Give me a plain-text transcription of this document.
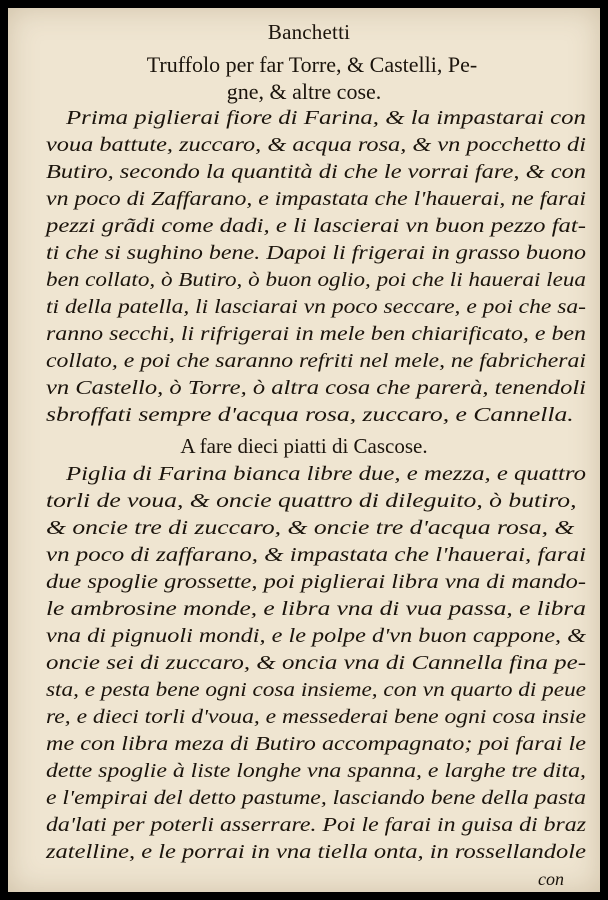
Banchetti
Truffolo per far Torre, & Castelli, Pe-
gne, & altre cose.
Prima piglierai fiore di Farina, & la impastarai con
voua battute, zuccaro, & acqua rosa, & vn pocchetto di
Butiro, secondo la quantità di che le vorrai fare, & con
vn poco di Zaffarano, e impastata che l'hauerai, ne farai
pezzi grãdi come dadi, e li lascierai vn buon pezzo fat-
ti che si sughino bene. Dapoi li frigerai in grasso buono
ben collato, ò Butiro, ò buon oglio, poi che li hauerai leua
ti della patella, li lasciarai vn poco seccare, e poi che sa-
ranno secchi, li rifrigerai in mele ben chiarificato, e ben
collato, e poi che saranno refriti nel mele, ne fabricherai
vn Castello, ò Torre, ò altra cosa che parerà, tenendoli
sbroffati sempre d'acqua rosa, zuccaro, e Cannella.
A fare dieci piatti di Cascose.
Piglia di Farina bianca libre due, e mezza, e quattro
torli de voua, & oncie quattro di dileguito, ò butiro,
& oncie tre di zuccaro, & oncie tre d'acqua rosa, &
vn poco di zaffarano, & impastata che l'hauerai, farai
due spoglie grossette, poi piglierai libra vna di mando-
le ambrosine monde, e libra vna di vua passa, e libra
vna di pignuoli mondi, e le polpe d'vn buon cappone, &
oncie sei di zuccaro, & oncia vna di Cannella fina pe-
sta, e pesta bene ogni cosa insieme, con vn quarto di peue
re, e dieci torli d'voua, e messederai bene ogni cosa insie
me con libra meza di Butiro accompagnato; poi farai le
dette spoglie à liste longhe vna spanna, e larghe tre dita,
e l'empirai del detto pastume, lasciando bene della pasta
da'lati per poterli asserrare. Poi le farai in guisa di braz
zatelline, e le porrai in vna tiella onta, in rossellandole
con
